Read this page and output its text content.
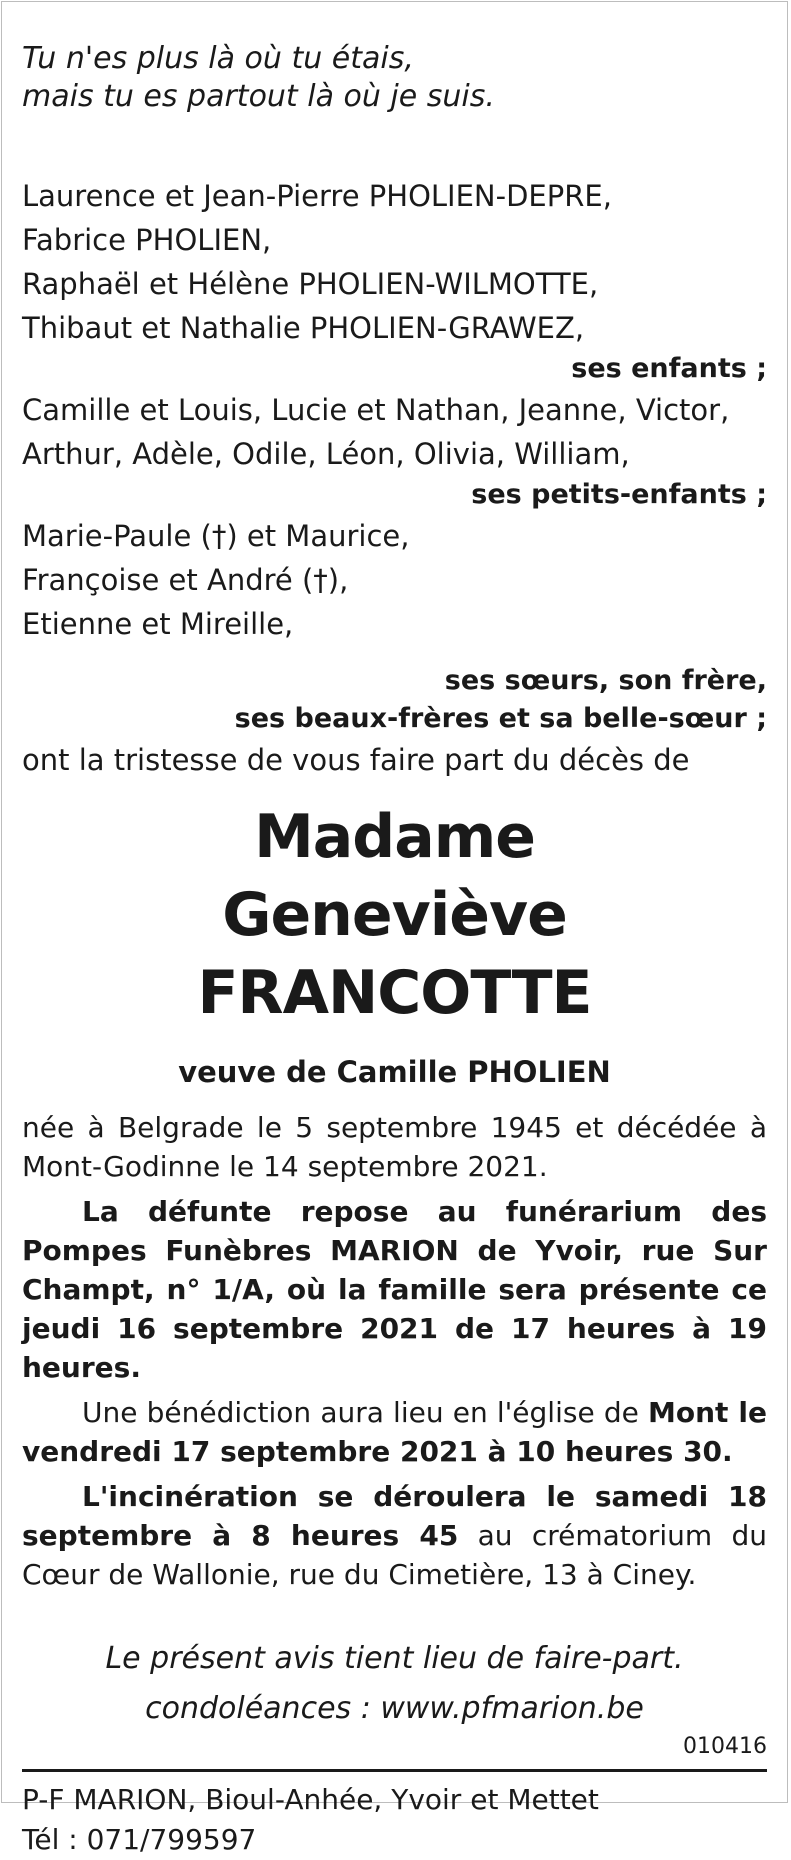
Tu n'es plus là où tu étais,
mais tu es partout là où je suis.
Laurence et Jean-Pierre PHOLIEN-DEPRE,
Fabrice PHOLIEN,
Raphaël et Hélène PHOLIEN-WILMOTTE,
Thibaut et Nathalie PHOLIEN-GRAWEZ,
ses enfants ;
Camille et Louis, Lucie et Nathan, Jeanne, Victor,
Arthur, Adèle, Odile, Léon, Olivia, William,
ses petits-enfants ;
Marie-Paule (†) et Maurice,
Françoise et André (†),
Etienne et Mireille,
ses sœurs, son frère,
ses beaux-frères et sa belle-sœur ;
ont la tristesse de vous faire part du décès de
Madame
Geneviève FRANCOTTE
veuve de Camille PHOLIEN

née à Belgrade le 5 septembre 1945 et décédée à Mont-Godinne le 14 septembre 2021.

La défunte repose au funérarium des Pompes Funèbres MARION de Yvoir, rue Sur Champt, n° 1/A, où la famille sera présente ce jeudi 16 septembre 2021 de 17 heures à 19 heures.

Une bénédiction aura lieu en l'église de Mont le vendredi 17 septembre 2021 à 10 heures 30.

L'incinération se déroulera le samedi 18 septembre à 8 heures 45 au crématorium du Cœur de Wallonie, rue du Cimetière, 13 à Ciney.

Le présent avis tient lieu de faire-part.
condoléances : www.pfmarion.be
010416
P-F MARION, Bioul-Anhée, Yvoir et Mettet
Tél : 071/799597
